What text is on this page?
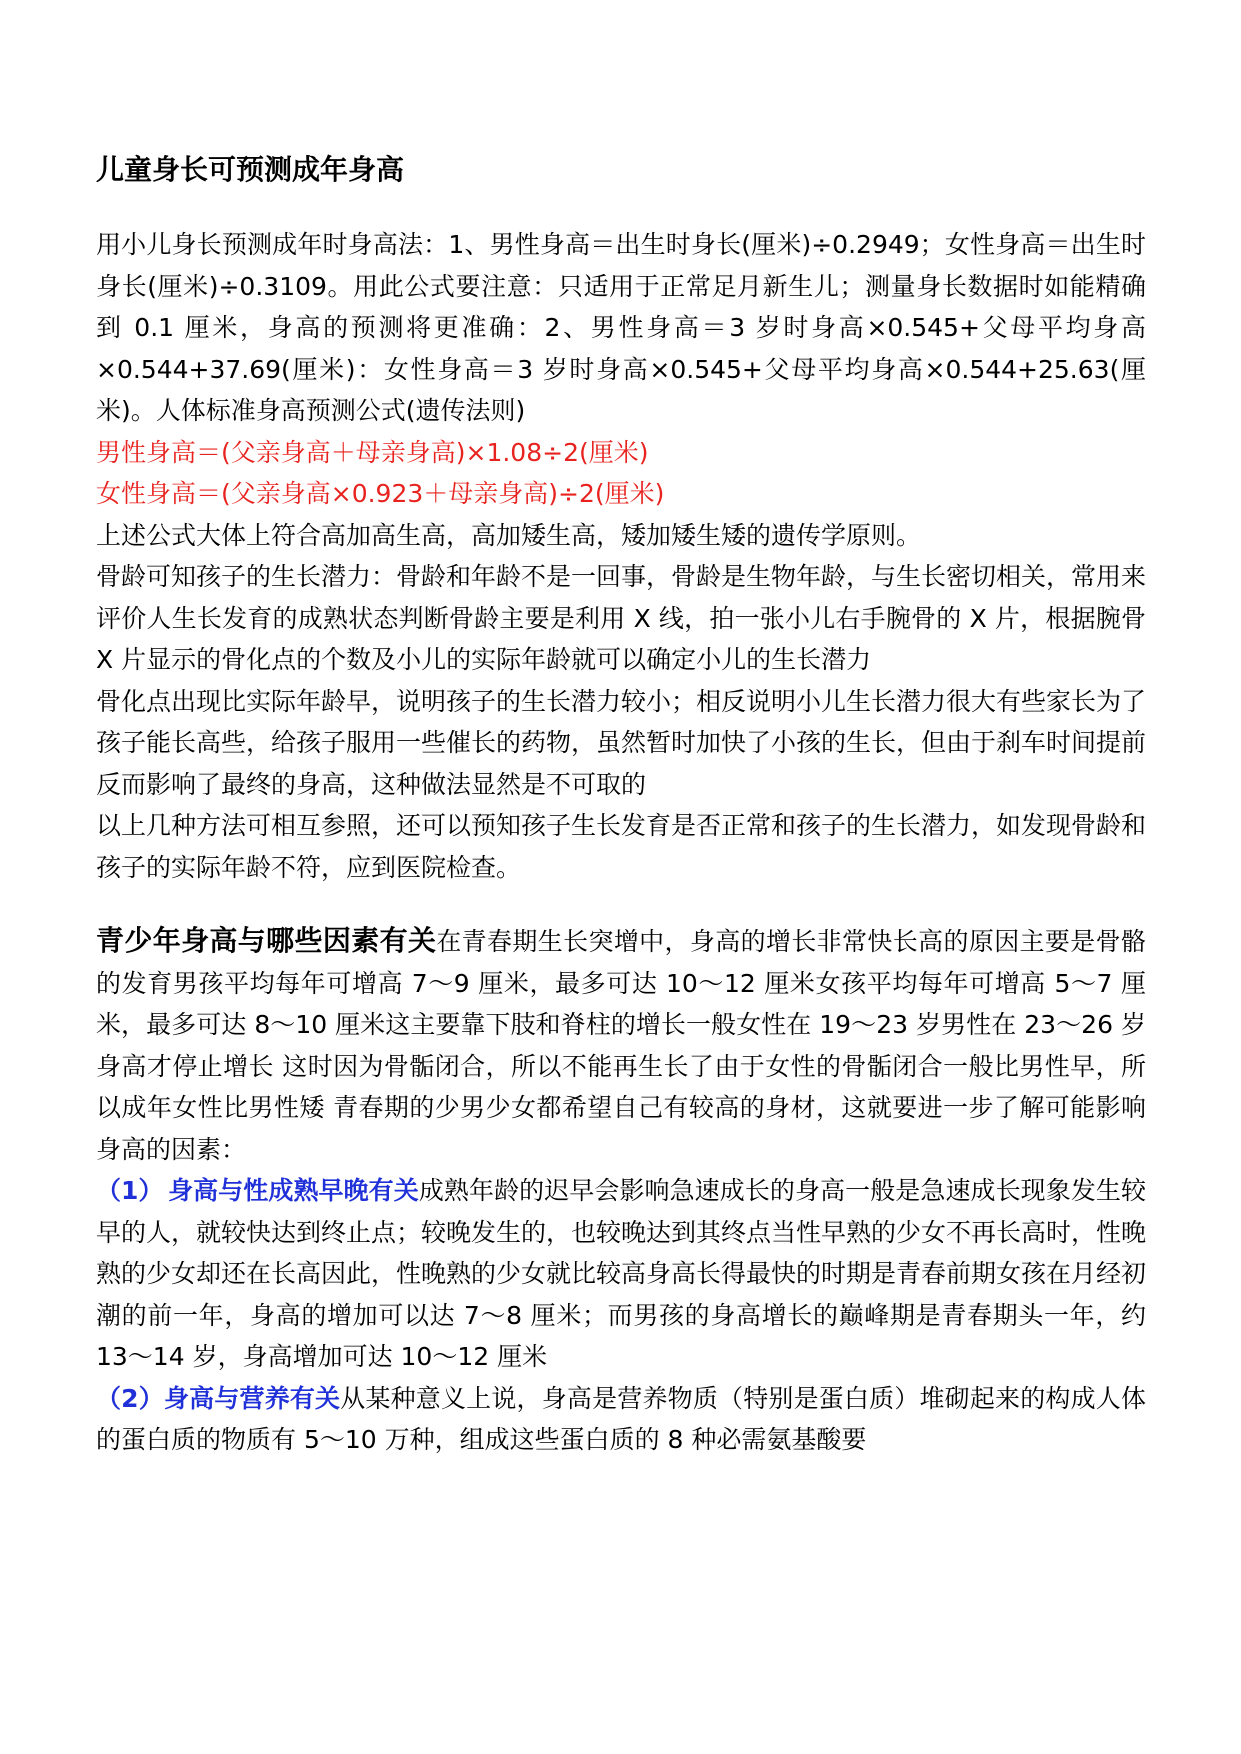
儿童身长可预测成年身高

用小儿身长预测成年时身高法：1、男性身高＝出生时身长(厘米)÷0.2949；女性身高＝出生时身长(厘米)÷0.3109。用此公式要注意：只适用于正常足月新生儿；测量身长数据时如能精确到 0.1 厘米，身高的预测将更准确：2、男性身高＝3 岁时身高×0.545+父母平均身高×0.544+37.69(厘米)：女性身高＝3 岁时身高×0.545+父母平均身高×0.544+25.63(厘米)。人体标准身高预测公式(遗传法则)

男性身高＝(父亲身高＋母亲身高)×1.08÷2(厘米)

女性身高＝(父亲身高×0.923＋母亲身高)÷2(厘米)

上述公式大体上符合高加高生高，高加矮生高，矮加矮生矮的遗传学原则。

骨龄可知孩子的生长潜力：骨龄和年龄不是一回事，骨龄是生物年龄，与生长密切相关，常用来评价人生长发育的成熟状态判断骨龄主要是利用 X 线，拍一张小儿右手腕骨的 X 片，根据腕骨 X 片显示的骨化点的个数及小儿的实际年龄就可以确定小儿的生长潜力

骨化点出现比实际年龄早，说明孩子的生长潜力较小；相反说明小儿生长潜力很大有些家长为了孩子能长高些，给孩子服用一些催长的药物，虽然暂时加快了小孩的生长，但由于刹车时间提前反而影响了最终的身高，这种做法显然是不可取的

以上几种方法可相互参照，还可以预知孩子生长发育是否正常和孩子的生长潜力，如发现骨龄和孩子的实际年龄不符，应到医院检查。

青少年身高与哪些因素有关在青春期生长突增中，身高的增长非常快长高的原因主要是骨骼的发育男孩平均每年可增高 7～9 厘米，最多可达 10～12 厘米女孩平均每年可增高 5～7 厘米，最多可达 8～10 厘米这主要靠下肢和脊柱的增长一般女性在 19～23 岁男性在 23～26 岁身高才停止增长 这时因为骨骺闭合，所以不能再生长了由于女性的骨骺闭合一般比男性早，所以成年女性比男性矮 青春期的少男少女都希望自己有较高的身材，这就要进一步了解可能影响身高的因素：

（1） 身高与性成熟早晚有关成熟年龄的迟早会影响急速成长的身高一般是急速成长现象发生较早的人，就较快达到终止点；较晚发生的，也较晚达到其终点当性早熟的少女不再长高时，性晚熟的少女却还在长高因此，性晚熟的少女就比较高身高长得最快的时期是青春前期女孩在月经初潮的前一年，身高的增加可以达 7～8 厘米；而男孩的身高增长的巅峰期是青春期头一年，约 13～14 岁，身高增加可达 10～12 厘米

（2）身高与营养有关从某种意义上说，身高是营养物质（特别是蛋白质）堆砌起来的构成人体的蛋白质的物质有 5～10 万种，组成这些蛋白质的 8 种必需氨基酸要
